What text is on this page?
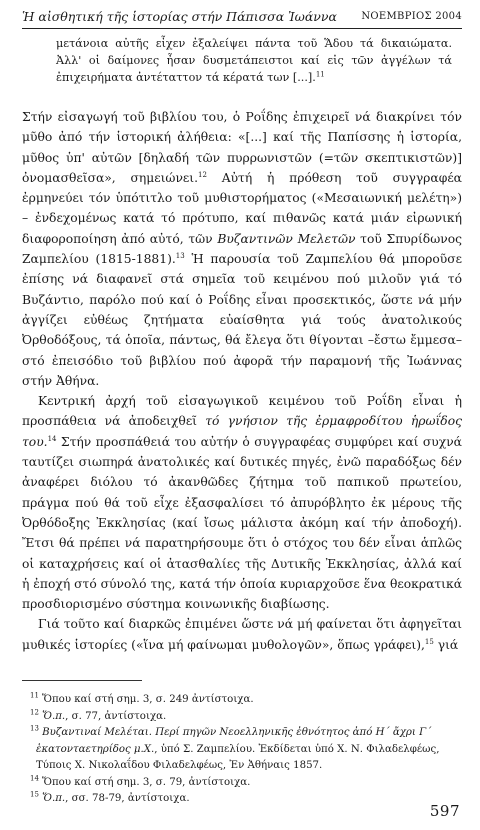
Ἡ αἰσθητική τῆς ἱστορίας στήν Πάπισσα Ἰωάννα ΝΟΕΜΒΡΙΟΣ 2004
μετάνοια αὐτῆς εἶχεν ἐξαλείψει πάντα τοῦ Ἅδου τά δικαιώματα. Ἀλλ' οἱ δαίμονες ἦσαν δυσμετάπειστοι καί εἰς τῶν ἀγγέλων τά ἐπιχειρήματα ἀντέταττον τά κέρατά των [...].$^{11}$

Στήν εἰσαγωγή τοῦ βιβλίου του, ὁ Ροΐδης ἐπιχειρεῖ νά διακρίνει τόν μῦθο ἀπό τήν ἱστορική ἀλήθεια: «[...] καί τῆς Παπίσσης ἡ ἱστορία, μῦθος ὑπ' αὐτῶν [δηλαδή τῶν πυρρωνιστῶν (=τῶν σκεπτικιστῶν)] ὀνομασθεῖσα», σημειώνει.$^{12}$ Αὐτή ἡ πρόθεση τοῦ συγγραφέα ἐρμηνεύει τόν ὑπότιτλο τοῦ μυθιστορήματος («Μεσαιωνική μελέτη») – ἐνδεχομένως κατά τό πρότυπο, καί πιθανῶς κατά μιάν εἰρωνική διαφοροποίηση ἀπό αὐτό, τῶν Βυζαντινῶν Μελετῶν τοῦ Σπυρίδωνος Ζαμπελίου (1815-1881).$^{13}$ Ἡ παρουσία τοῦ Ζαμπελίου θά μποροῦσε ἐπίσης νά διαφανεῖ στά σημεῖα τοῦ κειμένου πού μιλοῦν γιά τό Βυζάντιο, παρόλο πού καί ὁ Ροΐδης εἶναι προσεκτικός, ὥστε νά μήν ἀγγίζει εὐθέως ζητήματα εὐαίσθητα γιά τούς ἀνατολικούς Ὀρθοδόξους, τά ὁποῖα, πάντως, θά ἔλεγα ὅτι θίγονται –ἔστω ἔμμεσα– στό ἐπεισόδιο τοῦ βιβλίου πού ἀφορᾶ τήν παραμονή τῆς Ἰωάννας στήν Ἀθήνα.

Κεντρική ἀρχή τοῦ εἰσαγωγικοῦ κειμένου τοῦ Ροΐδη εἶναι ἡ προσπάθεια νά ἀποδειχθεῖ τό γνήσιον τῆς ἐρμαφροδίτου ἡρωΐδος του.$^{14}$ Στήν προσπάθειά του αὐτήν ὁ συγγραφέας συμφύρει καί συχνά ταυτίζει σιωπηρά ἀνατολικές καί δυτικές πηγές, ἐνῶ παραδόξως δέν ἀναφέρει διόλου τό ἀκανθῶδες ζήτημα τοῦ παπικοῦ πρωτείου, πράγμα πού θά τοῦ εἶχε ἐξασφαλίσει τό ἀπυρόβλητο ἐκ μέρους τῆς Ὀρθόδοξης Ἐκκλησίας (καί ἴσως μάλιστα ἀκόμη καί τήν ἀποδοχή). Ἔτσι θά πρέπει νά παρατηρήσουμε ὅτι ὁ στόχος του δέν εἶναι ἁπλῶς οἱ καταχρήσεις καί οἱ ἀτασθαλίες τῆς Δυτικῆς Ἐκκλησίας, ἀλλά καί ἡ ἐποχή στό σύνολό της, κατά τήν ὁποία κυριαρχοῦσε ἕνα θεοκρατικά προσδιορισμένο σύστημα κοινωνικῆς διαβίωσης.

Γιά τοῦτο καί διαρκῶς ἐπιμένει ὥστε νά μή φαίνεται ὅτι ἀφηγεῖται μυθικές ἱστορίες («ἵνα μή φαίνωμαι μυθολογῶν», ὅπως γράφει),$^{15}$ γιά

$^{11}$ Ὅπου καί στή σημ. 3, σ. 249 ἀντίστοιχα.
$^{12}$ Ὅ.π., σ. 77, ἀντίστοιχα.
$^{13}$ Βυζαντιναί Μελέται. Περί πηγῶν Νεοελληνικῆς ἐθνότητος ἀπό Η΄ ἄχρι Γ΄ ἑκατονταετηρίδος μ.Χ., ὑπό Σ. Ζαμπελίου. Ἐκδίδεται ὑπό Χ. Ν. Φιλαδελφέως, Τύποις Χ. Νικολαΐδου Φιλαδελφέως, Ἐν Ἀθήναις 1857.
$^{14}$ Ὅπου καί στή σημ. 3, σ. 79, ἀντίστοιχα.
$^{15}$ Ὅ.π., σσ. 78-79, ἀντίστοιχα.
597
